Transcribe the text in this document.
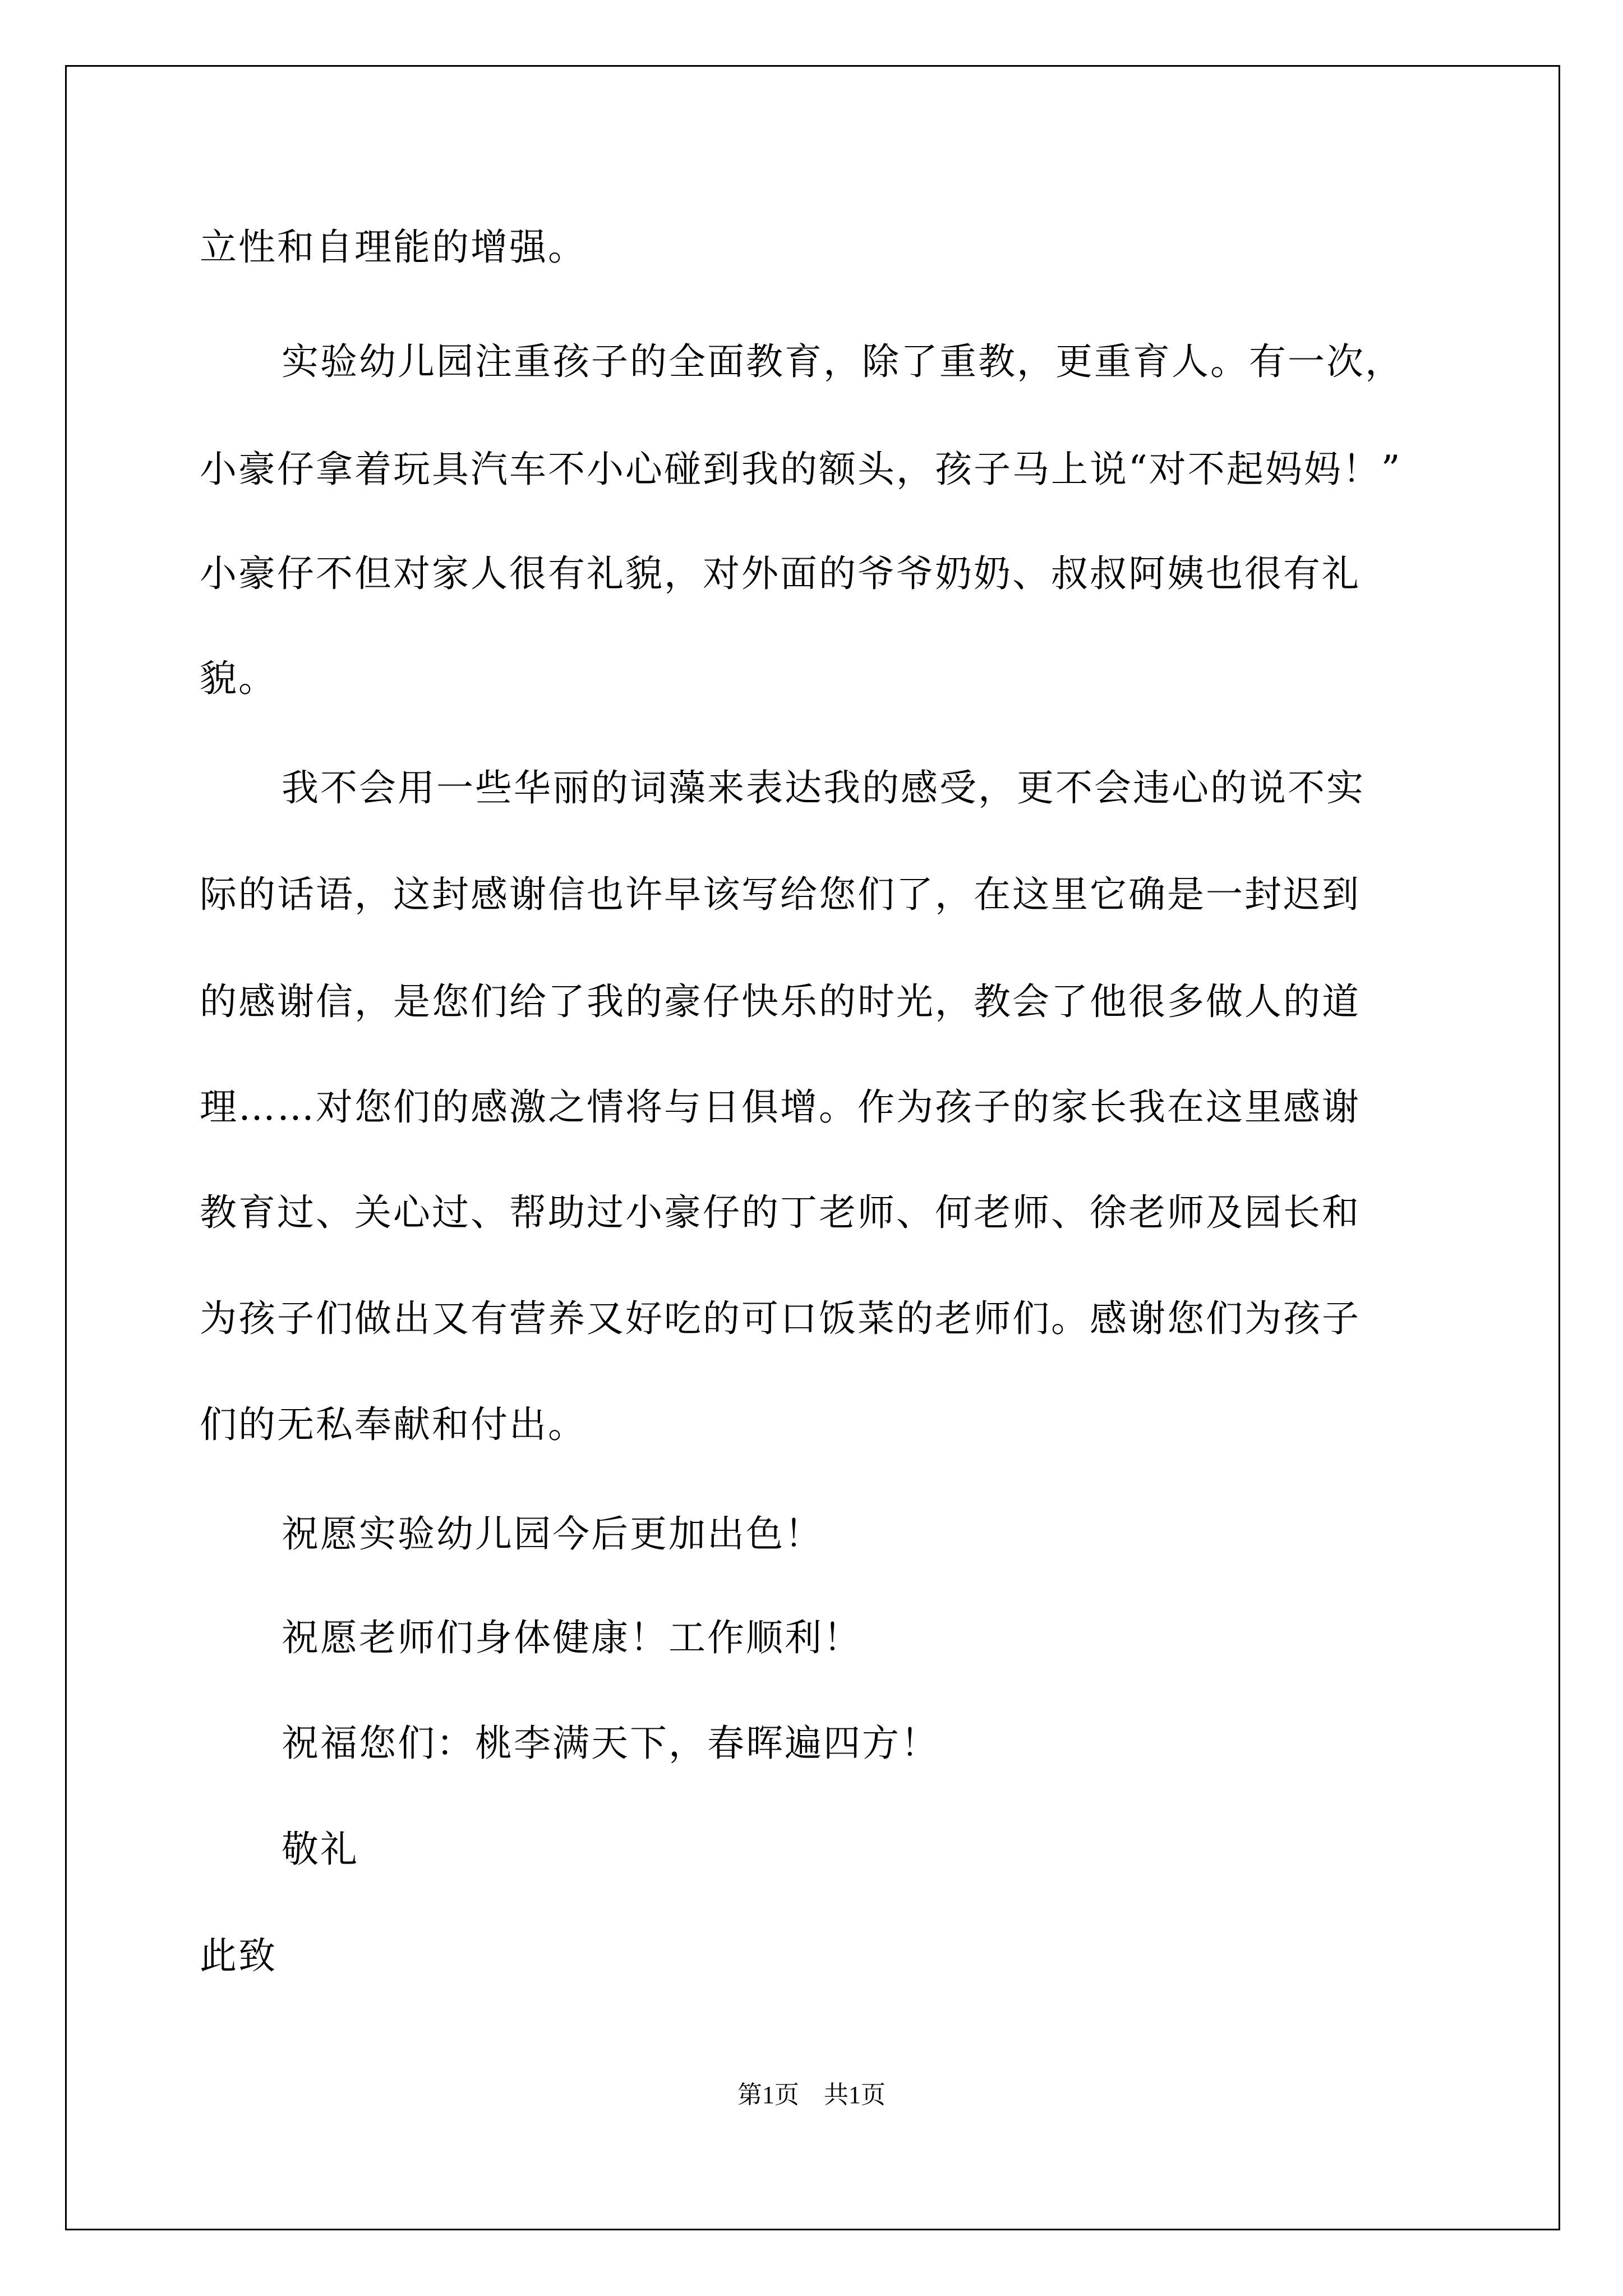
立性和自理能的增强。
实验幼儿园注重孩子的全面教育，除了重教，更重育人。有一次，
小豪仔拿着玩具汽车不小心碰到我的额头，孩子马上说“对不起妈妈！”
小豪仔不但对家人很有礼貌，对外面的爷爷奶奶、叔叔阿姨也很有礼
貌。
我不会用一些华丽的词藻来表达我的感受，更不会违心的说不实
际的话语，这封感谢信也许早该写给您们了，在这里它确是一封迟到
的感谢信，是您们给了我的豪仔快乐的时光，教会了他很多做人的道
理……对您们的感激之情将与日俱增。作为孩子的家长我在这里感谢
教育过、关心过、帮助过小豪仔的丁老师、何老师、徐老师及园长和
为孩子们做出又有营养又好吃的可口饭菜的老师们。感谢您们为孩子
们的无私奉献和付出。
祝愿实验幼儿园今后更加出色！
祝愿老师们身体健康！工作顺利！
祝福您们：桃李满天下，春晖遍四方！
敬礼
此致
第1页 共1页
